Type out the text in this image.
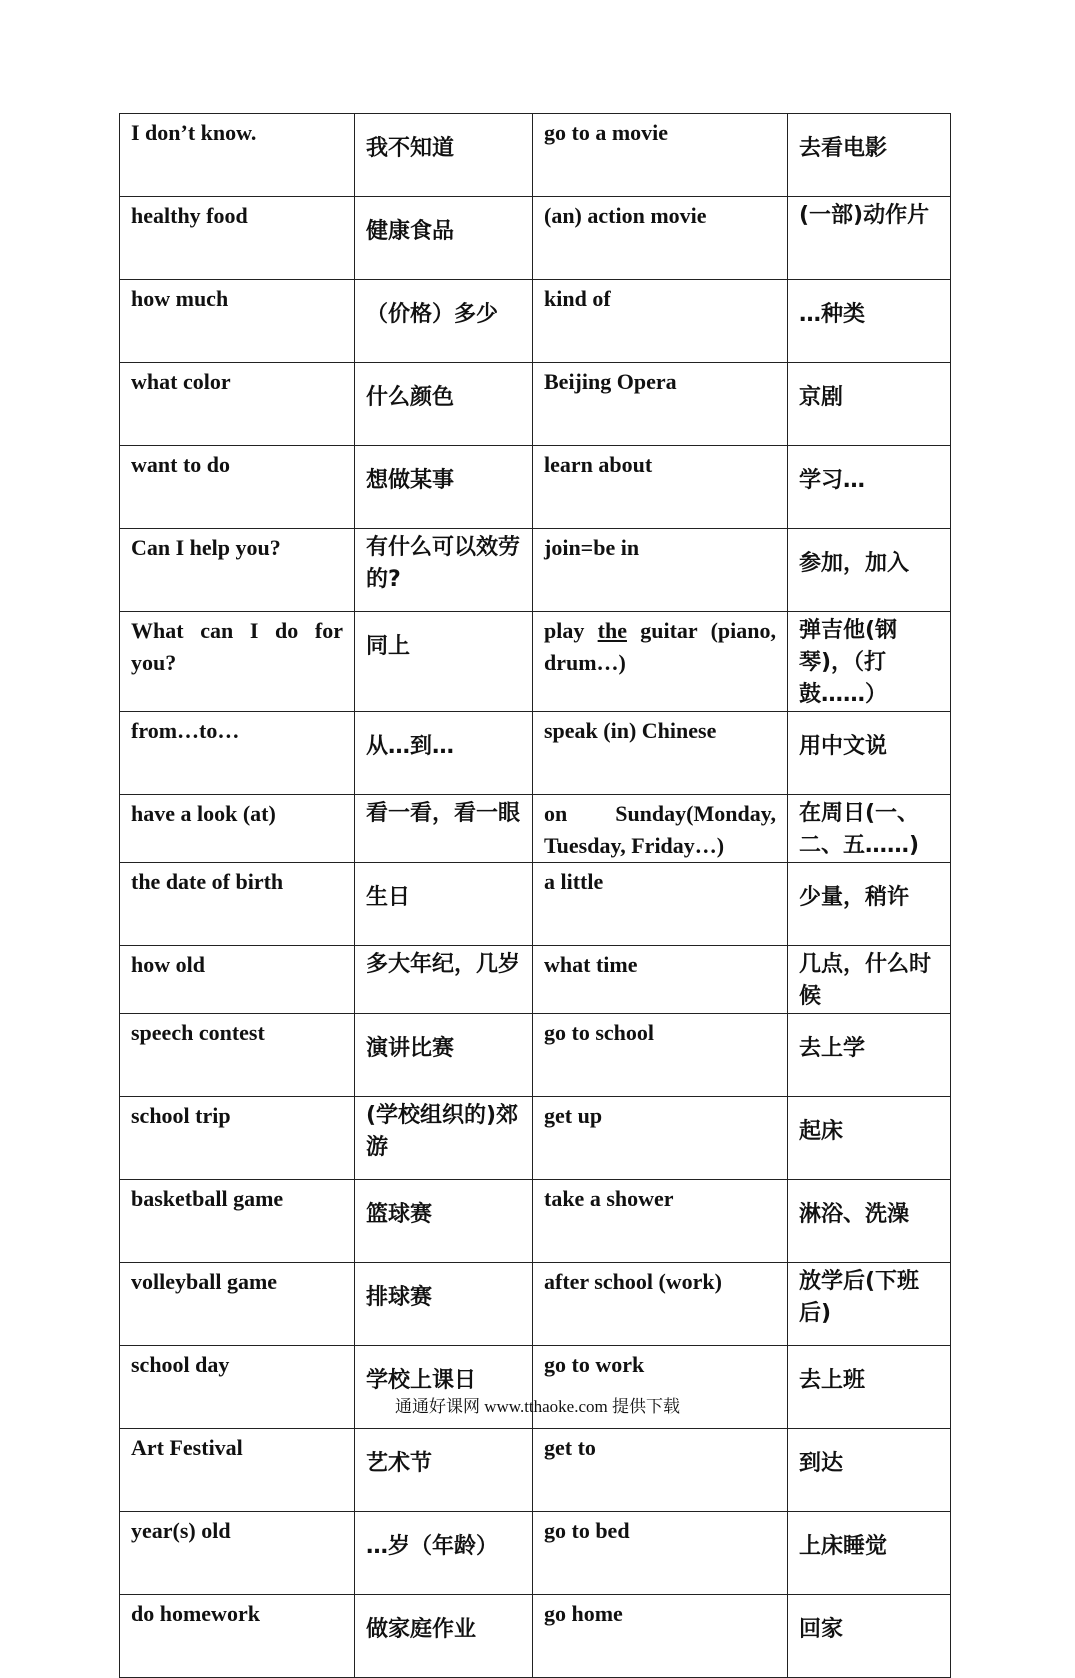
I don’t know.	我不知道	go to a movie	去看电影
healthy food	健康食品	(an) action movie	(一部)动作片
how much	（价格）多少	kind of	…种类
what color	什么颜色	Beijing Opera	京剧
want to do	想做某事	learn about	学习…
Can I help you?	有什么可以效劳的?	join=be in	参加，加入
What can I do for you?	同上	play the guitar (piano, drum…)	弹吉他(钢琴)，（打鼓……）
from…to…	从…到…	speak (in) Chinese	用中文说
have a look (at)	看一看，看一眼	on Sunday(Monday, Tuesday, Friday…)	在周日(一、二、五……)
the date of birth	生日	a little	少量，稍许
how old	多大年纪，几岁	what time	几点，什么时候
speech contest	演讲比赛	go to school	去上学
school trip	(学校组织的)郊游	get up	起床
basketball game	篮球赛	take a shower	淋浴、洗澡
volleyball game	排球赛	after school (work)	放学后(下班后)
school day	学校上课日	go to work	去上班
Art Festival	艺术节	get to	到达
year(s) old	…岁（年龄）	go to bed	上床睡觉
do homework	做家庭作业	go home	回家
通通好课网 www.tthaoke.com 提供下载
